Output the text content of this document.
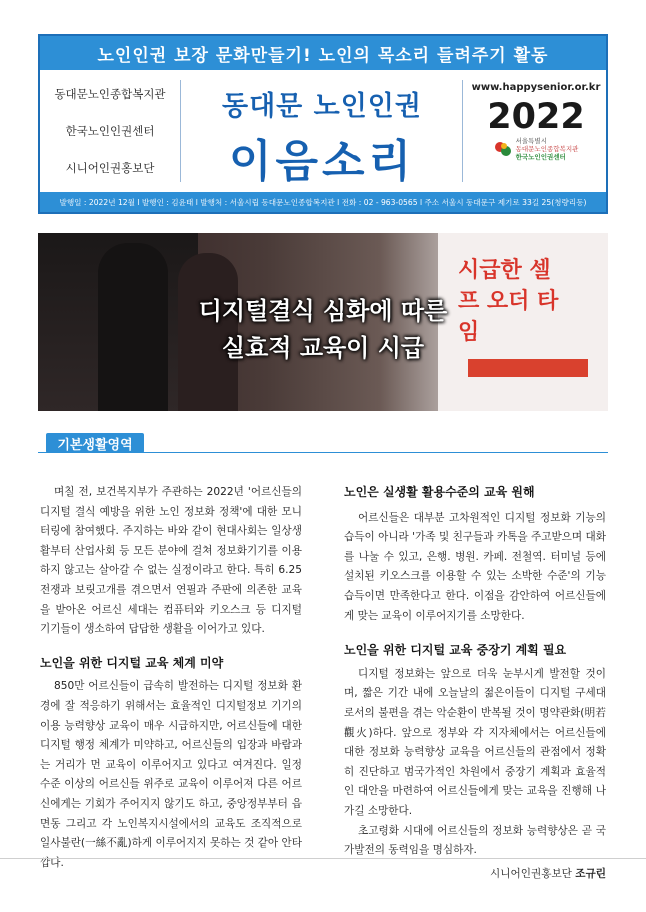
노인인권 보장 문화만들기! 노인의 목소리 들려주기 활동
동대문노인종합복지관
한국노인인권센터
시니어인권홍보단
동대문 노인인권
이음소리
www.happysenior.or.kr
2022
서울특별시
동대문노인종합복지관
한국노인인권센터
발행일 : 2022년 12월 l 발행인 : 김윤태 l 발행처 : 서울시립 동대문노인종합복지관 l 전화 : 02 - 963-0565 l 주소 서울시 동대문구 제기로 33길 25(청량리동)
시급한 셀프 오더 타임
디지털결식 심화에 따른
실효적 교육이 시급
기본생활영역

며칠 전, 보건복지부가 주관하는 2022년 '어르신들의 디지털 결식 예방을 위한 노인 정보화 정책'에 대한 모니터링에 참여했다. 주지하는 바와 같이 현대사회는 일상생활부터 산업사회 등 모든 분야에 걸쳐 정보화기기를 이용하지 않고는 살아갈 수 없는 실정이라고 한다. 특히 6.25 전쟁과 보릿고개를 겪으면서 연필과 주판에 의존한 교육을 받아온 어르신 세대는 컴퓨터와 키오스크 등 디지털 기기들이 생소하여 답답한 생활을 이어가고 있다.

노인을 위한 디지털 교육 체계 미약

850만 어르신들이 급속히 발전하는 디지털 정보화 환경에 잘 적응하기 위해서는 효율적인 디지털정보 기기의 이용 능력향상 교육이 매우 시급하지만, 어르신들에 대한 디지털 행정 체계가 미약하고, 어르신들의 입장과 바람과는 거리가 먼 교육이 이루어지고 있다고 여겨진다. 일정 수준 이상의 어르신들 위주로 교육이 이루어져 다른 어르신에게는 기회가 주어지지 않기도 하고, 중앙정부부터 읍면동 그리고 각 노인복지시설에서의 교육도 조직적으로 일사불란(一絲不亂)하게 이루어지지 못하는 것 같아 안타깝다.

노인은 실생활 활용수준의 교육 원해

어르신들은 대부분 고차원적인 디지털 정보화 기능의 습득이 아니라 '가족 및 친구들과 카톡을 주고받으며 대화를 나눌 수 있고, 은행. 병원. 카페. 전철역. 터미널 등에 설치된 키오스크를 이용할 수 있는 소박한 수준'의 기능 습득이면 만족한다고 한다. 이점을 감안하여 어르신들에게 맞는 교육이 이루어지기를 소망한다.

노인을 위한 디지털 교육 중장기 계획 필요

디지털 정보화는 앞으로 더욱 눈부시게 발전할 것이며, 짧은 기간 내에 오늘날의 젊은이들이 디지털 구세대로서의 불편을 겪는 악순환이 반복될 것이 명약관화(明若觀火)하다. 앞으로 정부와 각 지자체에서는 어르신들에 대한 정보화 능력향상 교육을 어르신들의 관점에서 정확히 진단하고 범국가적인 차원에서 중장기 계획과 효율적인 대안을 마련하여 어르신들에게 맞는 교육을 진행해 나가길 소망한다.

초고령화 시대에 어르신들의 정보화 능력향상은 곧 국가발전의 동력임을 명심하자.

시니어인권홍보단 조규린
